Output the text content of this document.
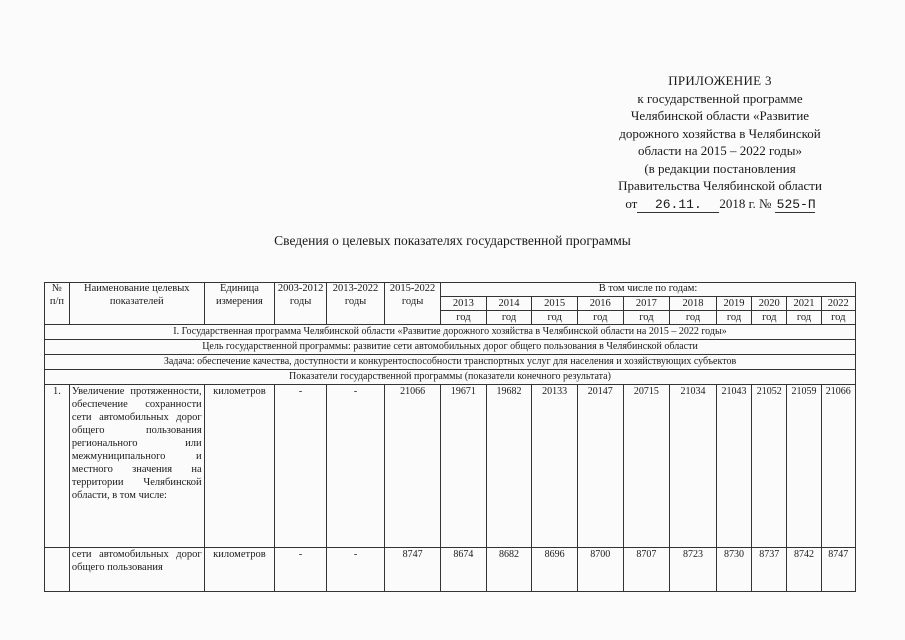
ПРИЛОЖЕНИЕ 3
к государственной программе
Челябинской области «Развитие
дорожного хозяйства в Челябинской
области на 2015 – 2022 годы»
(в редакции постановления
Правительства Челябинской области
от 26.11. 2018 г. № 525-П
Сведения о целевых показателях государственной программы
№ п/п	Наименование целевых показателей	Единица измерения	2003-2012 годы	2013-2022 годы	2015-2022 годы	В том числе по годам:									
						2013	2014	2015	2016	2017	2018	2019	2020	2021	2022
						год	год	год	год	год	год	год	год	год	год
I. Государственная программа Челябинской области «Развитие дорожного хозяйства в Челябинской области на 2015 – 2022 годы»															
Цель государственной программы: развитие сети автомобильных дорог общего пользования в Челябинской области															
Задача: обеспечение качества, доступности и конкурентоспособности транспортных услуг для населения и хозяйствующих субъектов															
Показатели государственной программы (показатели конечного результата)															
1.	Увеличение протяженности, обеспечение сохранности сети автомобильных дорог общего пользования регионального или межмуниципального и местного значения на территории Челябинской области, в том числе:	километров	-	-	21066	19671	19682	20133	20147	20715	21034	21043	21052	21059	21066
	сети автомобильных дорог общего пользования	километров	-	-	8747	8674	8682	8696	8700	8707	8723	8730	8737	8742	8747
